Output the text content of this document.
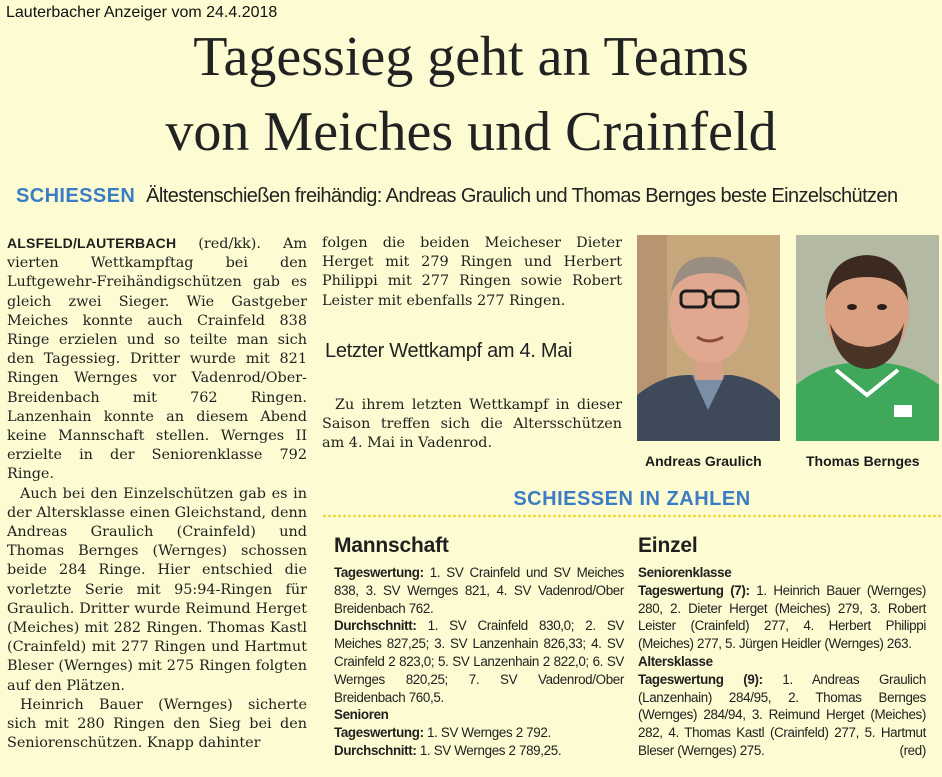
Lauterbacher Anzeiger vom 24.4.2018
Tagessieg geht an Teams
von Meiches und Crainfeld
SCHIESSEN Ältestenschießen freihändig: Andreas Graulich und Thomas Bernges beste Einzelschützen

ALSFELD/LAUTERBACH (red/kk). Am vierten Wettkampftag bei den Luftgewehr-Freihändigschützen gab es gleich zwei Sieger. Wie Gastgeber Meiches konnte auch Crainfeld 838 Ringe erzielen und so teilte man sich den Tagessieg. Dritter wurde mit 821 Ringen Wernges vor Vadenrod/Ober-Breidenbach mit 762 Ringen. Lanzenhain konnte an diesem Abend keine Mannschaft stellen. Wernges II erzielte in der Seniorenklasse 792 Ringe.

Auch bei den Einzelschützen gab es in der Altersklasse einen Gleichstand, denn Andreas Graulich (Crainfeld) und Thomas Bernges (Wernges) schossen beide 284 Ringe. Hier entschied die vorletzte Serie mit 95:94-Ringen für Graulich. Dritter wurde Reimund Herget (Meiches) mit 282 Ringen. Thomas Kastl (Crainfeld) mit 277 Ringen und Hartmut Bleser (Wernges) mit 275 Ringen folgten auf den Plätzen.

Heinrich Bauer (Wernges) sicherte sich mit 280 Ringen den Sieg bei den Seniorenschützen. Knapp dahinter

folgen die beiden Meicheser Dieter Herget mit 279 Ringen und Herbert Philippi mit 277 Ringen sowie Robert Leister mit ebenfalls 277 Ringen.

Letzter Wettkampf am 4. Mai

Zu ihrem letzten Wettkampf in dieser Saison treffen sich die Altersschützen am 4. Mai in Vadenrod.

Andreas Graulich	Thomas Bernges
SCHIESSEN IN ZAHLEN
Mannschaft

Tageswertung: 1. SV Crainfeld und SV Meiches 838, 3. SV Wernges 821, 4. SV Vadenrod/Ober Breidenbach 762.

Durchschnitt: 1. SV Crainfeld 830,0; 2. SV Meiches 827,25; 3. SV Lanzenhain 826,33; 4. SV Crainfeld 2 823,0; 5. SV Lanzenhain 2 822,0; 6. SV Wernges 820,25; 7. SV Vadenrod/Ober Breidenbach 760,5.

Senioren

Tageswertung: 1. SV Wernges 2 792.

Durchschnitt: 1. SV Wernges 2 789,25.

Einzel
Seniorenklasse

Tageswertung (7): 1. Heinrich Bauer (Wernges) 280, 2. Dieter Herget (Meiches) 279, 3. Robert Leister (Crainfeld) 277, 4. Herbert Philippi (Meiches) 277, 5. Jürgen Heidler (Wernges) 263.

Altersklasse

Tageswertung (9): 1. Andreas Graulich (Lanzenhain) 284/95, 2. Thomas Bernges (Wernges) 284/94, 3. Reimund Herget (Meiches) 282, 4. Thomas Kastl (Crainfeld) 277, 5. Hartmut Bleser (Wernges) 275.	(red)
